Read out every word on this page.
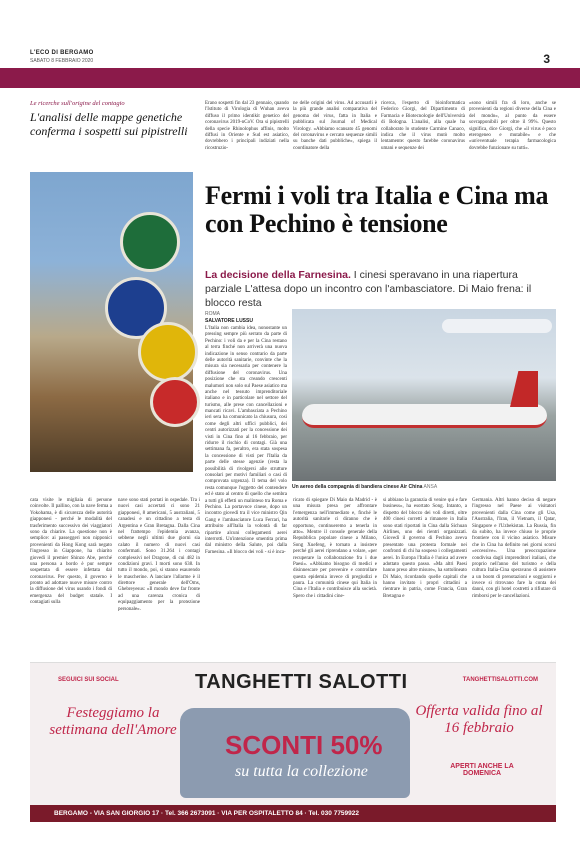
L'ECO DI BERGAMO
SABATO 8 FEBBRAIO 2020	3
Le ricerche sull'origine del contagio
L'analisi delle mappe genetiche conferma i sospetti sui pipistrelli
Erano sospetti fin dal 23 gennaio, quando l'Istituto di Virologia di Wuhan aveva diffuso il primo identikit genetico del coronavirus 2019-nCoV. Ora si pipistrelli della specie Rhinolophus affinis, molto diffusi in Oriente e Sud est asiatico, dovrebbero i principali indiziati nella ricostruzio-
ne delle origini del virus. Ad accusarli è la più grande analisi comparativa del genoma del virus, fatta in Italia e pubblicata sul Journal of Medical Virology. «Abbiamo scansato 45 genomi del coronavirus e cercato sequenze simili su banche dati pubbliche», spiega il coordinatore della
ricerca, l'esperto di bioinformatica Federico Giorgi, del Dipartimento di Farmacia e Biotecnologie dell'Università di Bologna. L'analisi, alla quale ha collaborato lo studente Carmine Canaco, indica che il virus mutò molto lentamente: questo farebbe coronavirus umani e sequenze dei
«sono simili fra di loro, anche se provenienti da regioni diverse della Cina e del mondo», al punto da essere sovrapponibili per oltre il 99%. Questo significa, dice Giorgi, che «il virus è poco eterogeneo e mutabile» e che «un'eventuale terapia farmacologica dovrebbe funzionare su tutti».
Fermi i voli tra Italia e Cina ma con Pechino è tensione
La decisione della Farnesina. I cinesi speravano in una riapertura parziale L'attesa dopo un incontro con l'ambasciatore. Di Maio frena: il blocco resta
ROMA
SALVATORE LUSSU
L'Italia non cambia idea, nonostante un pressing sempre più serrato da parte di Pechino: i voli da e per la Cina restano al terra finché non arriverà una nuova indicazione in senso contrario da parte delle autorità sanitarie, convinte che la misura sia necessaria per contenere la diffusione del coronavirus. Una posizione che sta creando crescenti malumori non solo sul Paese asiatico ma anche nel tessuto imprenditoriale italiano e in particolare nel settore del turismo, alle prese con cancellazioni e mancati ricavi. L'ambasciata a Pechino ieri sera ha comunicato la chiusura, così come degli altri uffici pubblici, dei centri autorizzati per la concessione dei visti in Cina fino al 16 febbraio, per ridurre il rischio di contagi. Già una settimana fa, peraltro, era stata sospesa la concessione di visti per l'Italia da parte delle stesse agenzie (resta la possibilità di rivolgersi alle strutture consolari per motivi familiari o casi di comprovata urgenza). Il tema del volo resta comunque l'oggetto del contendere ed è stato al centro di quello che sembra a tutti gli effetti un malinteso tra Roma e Pechino. La portavoce cinese, dopo un incontro giovedì tra il vice ministro Qin Gang e l'ambasciatore Luca Ferrari, ha attribuito all'Italia la volontà di far ripartire alcuni collegamenti aerei interrotti. Un'intenzione smentita prima dal ministro della Salute, poi dalla Farnesina. «Il blocco dei voli - si è inca-
Un aereo della compagnia di bandiera cinese Air China ANSA
cata visite le migliaia di persone coinvolte. Il pallino, con la nave ferma a Yokohama, è di sicurezza delle autorità giapponesi - perché le modalità del trasferimento successivo dei viaggiatori sono da chiarire. La questione non è semplice: ai passeggeri non nipponici provenienti da Hong Kong sarà negato l'ingresso in Giappone, ha chiarito giovedì il premier Shinzo Abe, perché una persona a bordo è pur sempre sospettata di essere infettata dal coronavirus. Per questo, il governo è pronto ad adottare nuove misure contro la diffusione del virus usando i fondi di emergenza del budget statale. I contagiati sulla
nave sono stati portati in ospedale. Tra i nuovi casi accertati ci sono 21 giapponesi, 8 americani, 5 australiani, 5 canadesi e un cittadino a testa di Argentina e Gran Bretagna. Dalla Cina nel frattempo l'epidemia avanza, sebbene negli ultimi due giorni sia calato il numero di nuovi casi confermati. Sono 31.264 i contagi complessivi nel Dragone, di cui 482 in condizioni gravi. I morti sono 638. In tutto il mondo, poi, si stanno esaurendo le mascherine. A lanciare l'allarme è il direttore generale dell'Oms, Ghebreyesus: «Il mondo deve far fronte ad una carenza cronica di equipaggiamento per la protezione personale».
ricato di spiegare Di Maio da Madrid - è una misura presa per affrontare l'emergenza nell'immediato e, finché le autorità sanitarie ci diranno che è opportuno, continueremo a tenerla in atto». Mentre il console generale della Repubblica popolare cinese a Milano, Song Xuefeng, è tornato a insistere perché gli aerei riprendano a volare, «per recuperare la collaborazione fra i due Paesi». «Abbiamo bisogno di medici e disinnescare per prevenire e controllare questa epidemia invece di pregiudizi e paura. La comunità cinese qui Italia in Cina e l'Italia e contribuisce alla società. Spero che i cittadini cine-
si abbiano la garanzia di venire qui e fare business», ha esortato Song. Intanto, a dispetto del blocco dei voli diretti, oltre 400 cinesi corretti a rimanere in Italia sono stati riportati in Cina dalla Sichuan Airlines, uno dei rientri organizzati. Giovedì il governo di Pechino aveva presentato una protesta formale nei confronti di chi ha sospeso i collegamenti aerei. In Europa l'Italia è l'unica ad avere adottato questo passo. «Ma altri Paesi hanno preso altre misure», ha sottolineato Di Maio, ricordando quelle capitali che hanno invitato i propri cittadini a rientrare in patria, come Francia, Gran Bretagna e
Germania. Altri hanno deciso di negare l'ingresso nel Paese ai visitatori provenienti dalla Cina come gli Usa, l'Australia, l'Iran, il Vietnam, il Qatar, Singapore e l'Uzbekistan. La Russia, fin da subito, ha invece chiuso le proprie frontiere con il vicino asiatico. Misure che in Cina ha definito nei giorni scorsi «eccessive». Una preoccupazione condivisa dagli imprenditori italiani, che proprio nell'anno del turismo e della cultura Italia-Cina speravano di assistere a un boom di prenotazioni e soggiorni e invece si ritrovano fare la conta dei danni, con gli hotel costretti a rifiutare di rimborsi per le cancellazioni.
SEGUICI SUI SOCIAL	TANGHETTI SALOTTI	TANGHETTISALOTTI.COM
Festeggiamo la settimana dell'Amore
SCONTI 50%
su tutta la collezione
Offerta valida fino al 16 febbraio
APERTI ANCHE LA DOMENICA
BERGAMO - VIA SAN GIORGIO 17 · Tel. 366 2673091 · VIA PER OSPITALETTO 84 · Tel. 030 7759922
